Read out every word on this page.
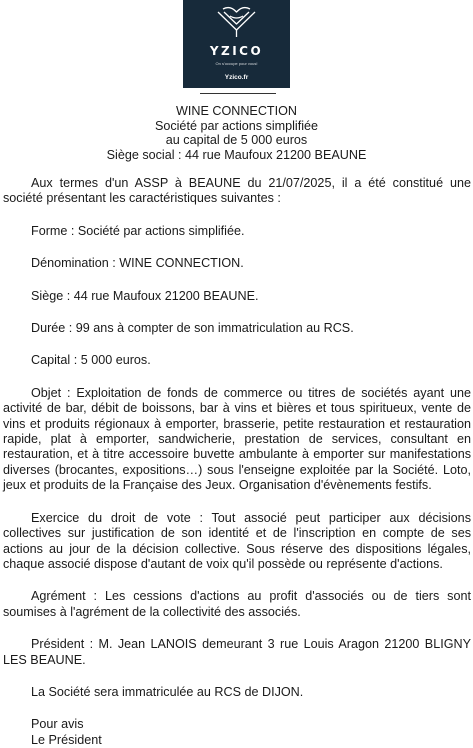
YZICO
On s'occupe pour vous!
Yzico.fr
WINE CONNECTION
Société par actions simplifiée
au capital de 5 000 euros
Siège social : 44 rue Maufoux 21200 BEAUNE

Aux termes d'un ASSP à BEAUNE du 21/07/2025, il a été constitué une société présentant les caractéristiques suivantes :

Forme : Société par actions simplifiée.

Dénomination : WINE CONNECTION.

Siège : 44 rue Maufoux 21200 BEAUNE.

Durée : 99 ans à compter de son immatriculation au RCS.

Capital : 5 000 euros.

Objet : Exploitation de fonds de commerce ou titres de sociétés ayant une activité de bar, débit de boissons, bar à vins et bières et tous spiritueux, vente de vins et produits régionaux à emporter, brasserie, petite restauration et restauration rapide, plat à emporter, sandwicherie, prestation de services, consultant en restauration, et à titre accessoire buvette ambulante à emporter sur manifestations diverses (brocantes, expositions…) sous l'enseigne exploitée par la Société. Loto, jeux et produits de la Française des Jeux. Organisation d'évènements festifs.

Exercice du droit de vote : Tout associé peut participer aux décisions collectives sur justification de son identité et de l'inscription en compte de ses actions au jour de la décision collective. Sous réserve des dispositions légales, chaque associé dispose d'autant de voix qu'il possède ou représente d'actions.

Agrément : Les cessions d'actions au profit d'associés ou de tiers sont soumises à l'agrément de la collectivité des associés.

Président : M. Jean LANOIS demeurant 3 rue Louis Aragon 21200 BLIGNY LES BEAUNE.

La Société sera immatriculée au RCS de DIJON.

Pour avis

Le Président
